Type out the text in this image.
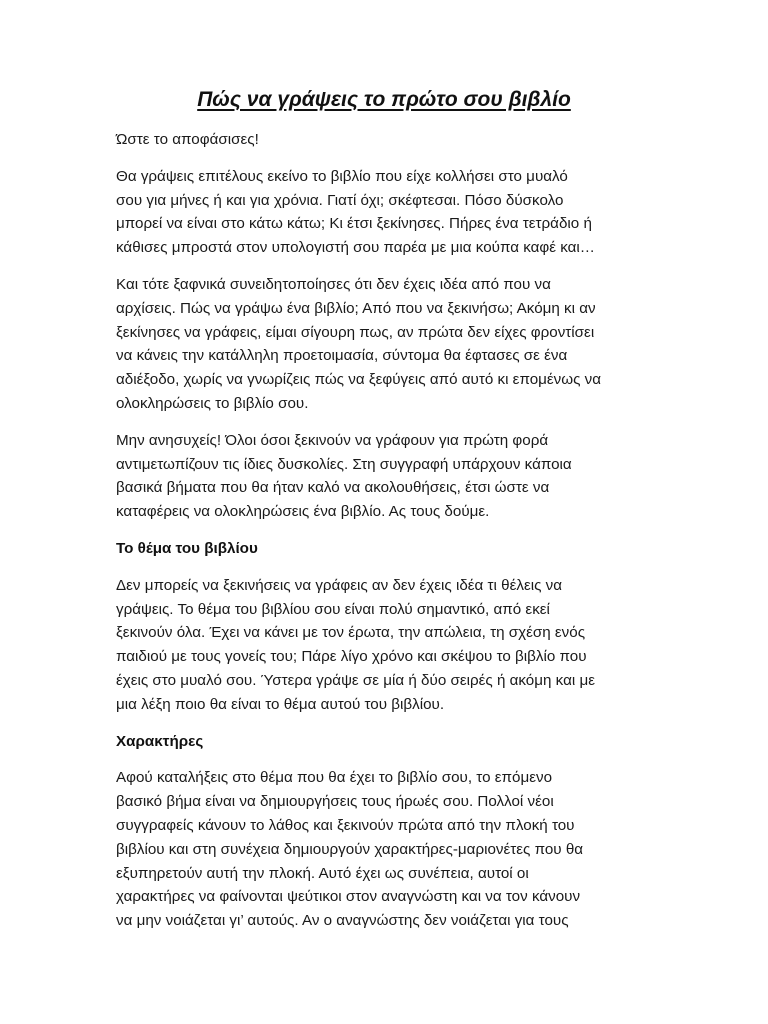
Πώς να γράψεις το πρώτο σου βιβλίο
Ώστε το αποφάσισες!
Θα γράψεις επιτέλους εκείνο το βιβλίο που είχε κολλήσει στο μυαλό
σου για μήνες ή και για χρόνια. Γιατί όχι; σκέφτεσαι. Πόσο δύσκολο
μπορεί να είναι στο κάτω κάτω; Κι έτσι ξεκίνησες. Πήρες ένα τετράδιο ή
κάθισες μπροστά στον υπολογιστή σου παρέα με μια κούπα καφέ και…
Και τότε ξαφνικά συνειδητοποίησες ότι δεν έχεις ιδέα από που να
αρχίσεις. Πώς να γράψω ένα βιβλίο; Από που να ξεκινήσω; Ακόμη κι αν
ξεκίνησες να γράφεις, είμαι σίγουρη πως, αν πρώτα δεν είχες φροντίσει
να κάνεις την κατάλληλη προετοιμασία, σύντομα θα έφτασες σε ένα
αδιέξοδο, χωρίς να γνωρίζεις πώς να ξεφύγεις από αυτό κι επομένως να
ολοκληρώσεις το βιβλίο σου.
Μην ανησυχείς! Όλοι όσοι ξεκινούν να γράφουν για πρώτη φορά
αντιμετωπίζουν τις ίδιες δυσκολίες. Στη συγγραφή υπάρχουν κάποια
βασικά βήματα που θα ήταν καλό να ακολουθήσεις, έτσι ώστε να
καταφέρεις να ολοκληρώσεις ένα βιβλίο. Ας τους δούμε.
Το θέμα του βιβλίου
Δεν μπορείς να ξεκινήσεις να γράφεις αν δεν έχεις ιδέα τι θέλεις να
γράψεις. Το θέμα του βιβλίου σου είναι πολύ σημαντικό, από εκεί
ξεκινούν όλα. Έχει να κάνει με τον έρωτα, την απώλεια, τη σχέση ενός
παιδιού με τους γονείς του; Πάρε λίγο χρόνο και σκέψου το βιβλίο που
έχεις στο μυαλό σου. Ύστερα γράψε σε μία ή δύο σειρές ή ακόμη και με
μια λέξη ποιο θα είναι το θέμα αυτού του βιβλίου.
Χαρακτήρες
Αφού καταλήξεις στο θέμα που θα έχει το βιβλίο σου, το επόμενο
βασικό βήμα είναι να δημιουργήσεις τους ήρωές σου. Πολλοί νέοι
συγγραφείς κάνουν το λάθος και ξεκινούν πρώτα από την πλοκή του
βιβλίου και στη συνέχεια δημιουργούν χαρακτήρες-μαριονέτες που θα
εξυπηρετούν αυτή την πλοκή. Αυτό έχει ως συνέπεια, αυτοί οι
χαρακτήρες να φαίνονται ψεύτικοι στον αναγνώστη και να τον κάνουν
να μην νοιάζεται γι’ αυτούς. Αν ο αναγνώστης δεν νοιάζεται για τους
